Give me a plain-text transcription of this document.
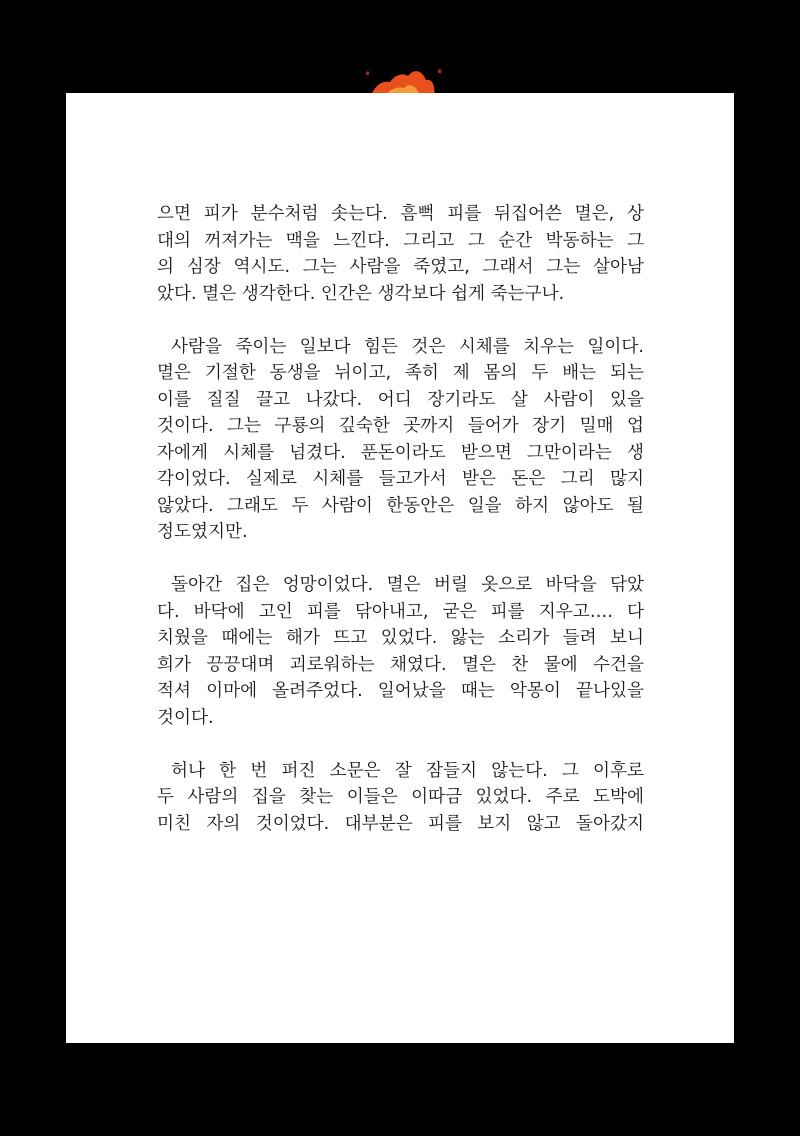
으면 피가 분수처럼 솟는다. 흠뻑 피를 뒤집어쓴 멸은, 상
대의 꺼져가는 맥을 느낀다. 그리고 그 순간 박동하는 그
의 심장 역시도. 그는 사람을 죽였고, 그래서 그는 살아남
았다. 멸은 생각한다. 인간은 생각보다 쉽게 죽는구나.
사람을 죽이는 일보다 힘든 것은 시체를 치우는 일이다.
멸은 기절한 동생을 뉘이고, 족히 제 몸의 두 배는 되는
이를 질질 끌고 나갔다. 어디 장기라도 살 사람이 있을
것이다. 그는 구룡의 깊숙한 곳까지 들어가 장기 밀매 업
자에게 시체를 넘겼다. 푼돈이라도 받으면 그만이라는 생
각이었다. 실제로 시체를 들고가서 받은 돈은 그리 많지
않았다. 그래도 두 사람이 한동안은 일을 하지 않아도 될
정도였지만.
돌아간 집은 엉망이었다. 멸은 버릴 옷으로 바닥을 닦았
다. 바닥에 고인 피를 닦아내고, 굳은 피를 지우고…. 다
치웠을 때에는 해가 뜨고 있었다. 앓는 소리가 들려 보니
희가 끙끙대며 괴로워하는 채였다. 멸은 찬 물에 수건을
적셔 이마에 올려주었다. 일어났을 때는 악몽이 끝나있을
것이다.
허나 한 번 퍼진 소문은 잘 잠들지 않는다. 그 이후로
두 사람의 집을 찾는 이들은 이따금 있었다. 주로 도박에
미친 자의 것이었다. 대부분은 피를 보지 않고 돌아갔지
